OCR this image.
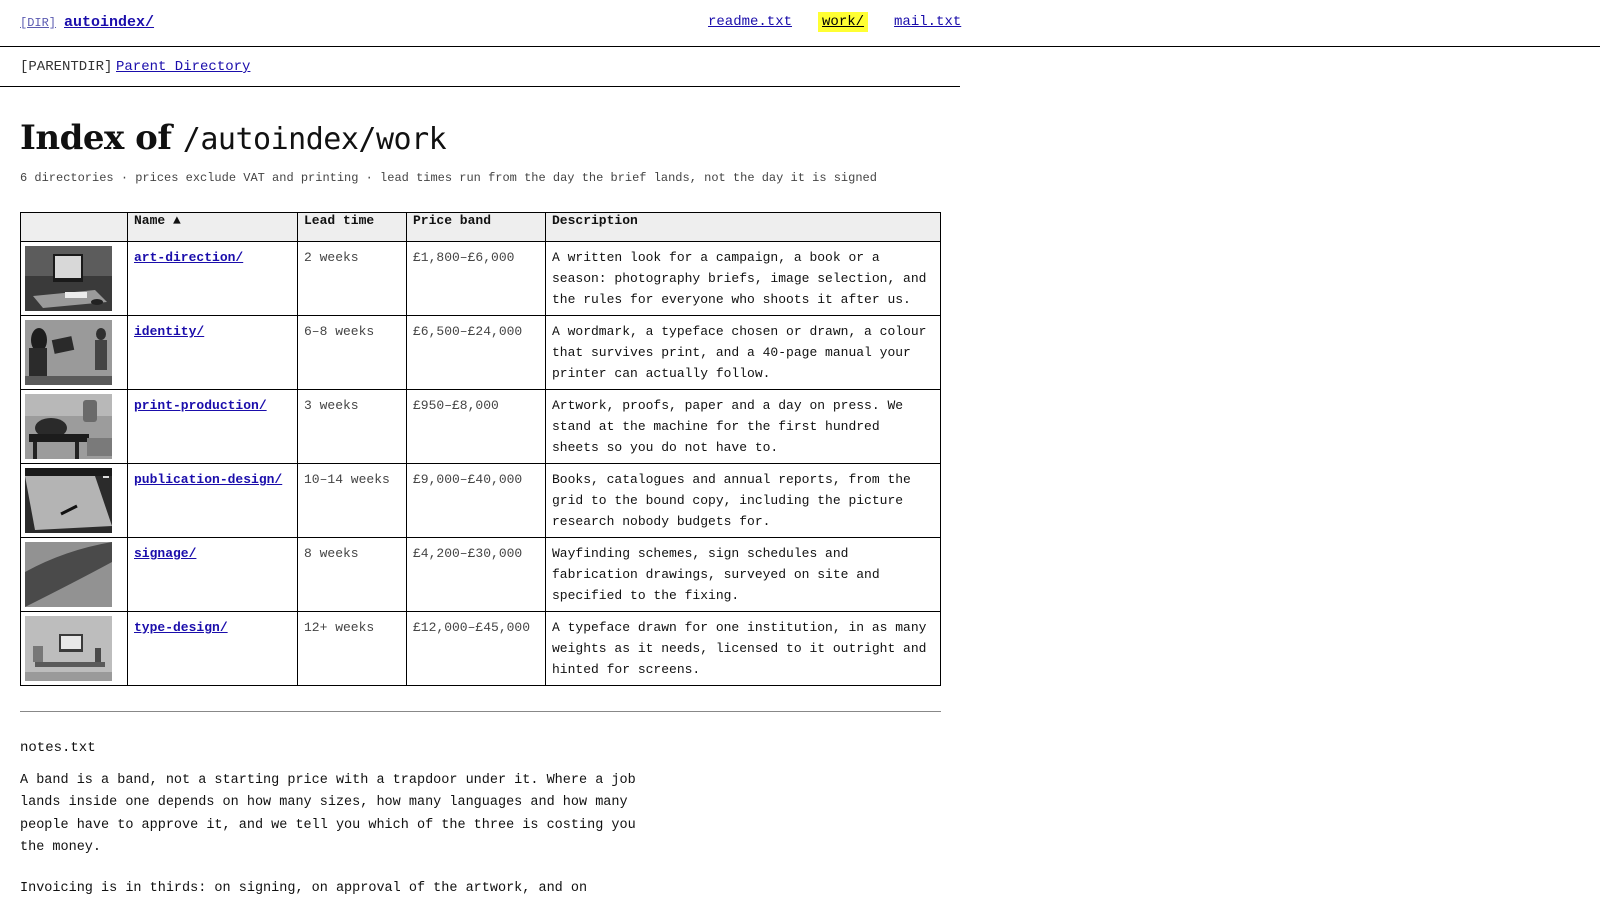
[DIR] autoindex/	readme.txt work/ mail.txt
[PARENTDIR] Parent Directory
Index of /autoindex/work
6 directories · prices exclude VAT and printing · lead times run from the day the brief lands, not the day it is signed
	Name ▲	Lead time	Price band	Description

	art-direction/	2 weeks	£1,800–£6,000	A written look for a campaign, a book or a season: photography briefs, image selection, and the rules for everyone who shoots it after us.

	identity/	6–8 weeks	£6,500–£24,000	A wordmark, a typeface chosen or drawn, a colour that survives print, and a 40-page manual your printer can actually follow.

	print-production/	3 weeks	£950–£8,000	Artwork, proofs, paper and a day on press. We stand at the machine for the first hundred sheets so you do not have to.

	publication-design/	10–14 weeks	£9,000–£40,000	Books, catalogues and annual reports, from the grid to the bound copy, including the picture research nobody budgets for.

	signage/	8 weeks	£4,200–£30,000	Wayfinding schemes, sign schedules and fabrication drawings, surveyed on site and specified to the fixing.

	type-design/	12+ weeks	£12,000–£45,000	A typeface drawn for one institution, in as many weights as it needs, licensed to it outright and hinted for screens.
notes.txt

A band is a band, not a starting price with a trapdoor under it. Where a job lands inside one depends on how many sizes, how many languages and how many people have to approve it, and we tell you which of the three is costing you the money.

Invoicing is in thirds: on signing, on approval of the artwork, and on
